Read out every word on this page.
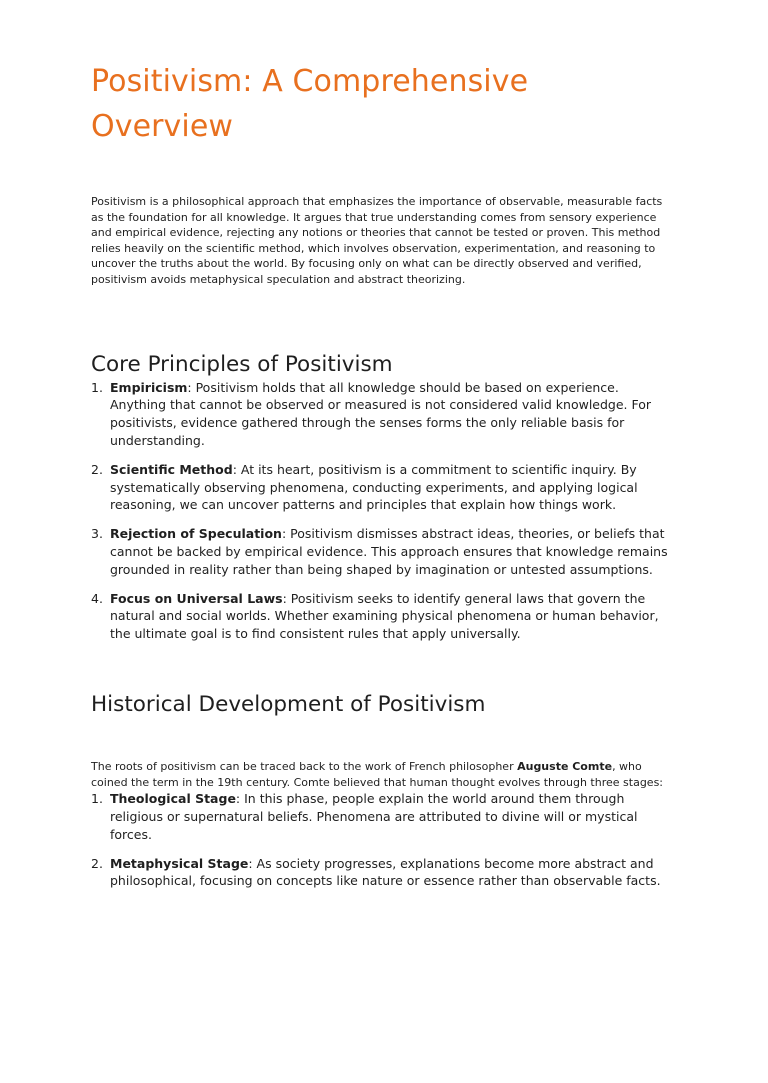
Positivism: A Comprehensive Overview

Positivism is a philosophical approach that emphasizes the importance of observable, measurable facts as the foundation for all knowledge. It argues that true understanding comes from sensory experience and empirical evidence, rejecting any notions or theories that cannot be tested or proven. This method relies heavily on the scientific method, which involves observation, experimentation, and reasoning to uncover the truths about the world. By focusing only on what can be directly observed and verified, positivism avoids metaphysical speculation and abstract theorizing.

Core Principles of Positivism
1. Empiricism: Positivism holds that all knowledge should be based on experience. Anything that cannot be observed or measured is not considered valid knowledge. For positivists, evidence gathered through the senses forms the only reliable basis for understanding.
2. Scientific Method: At its heart, positivism is a commitment to scientific inquiry. By systematically observing phenomena, conducting experiments, and applying logical reasoning, we can uncover patterns and principles that explain how things work.
3. Rejection of Speculation: Positivism dismisses abstract ideas, theories, or beliefs that cannot be backed by empirical evidence. This approach ensures that knowledge remains grounded in reality rather than being shaped by imagination or untested assumptions.
4. Focus on Universal Laws: Positivism seeks to identify general laws that govern the natural and social worlds. Whether examining physical phenomena or human behavior, the ultimate goal is to find consistent rules that apply universally.
Historical Development of Positivism

The roots of positivism can be traced back to the work of French philosopher Auguste Comte, who coined the term in the 19th century. Comte believed that human thought evolves through three stages:

1. Theological Stage: In this phase, people explain the world around them through religious or supernatural beliefs. Phenomena are attributed to divine will or mystical forces.
2. Metaphysical Stage: As society progresses, explanations become more abstract and philosophical, focusing on concepts like nature or essence rather than observable facts.
